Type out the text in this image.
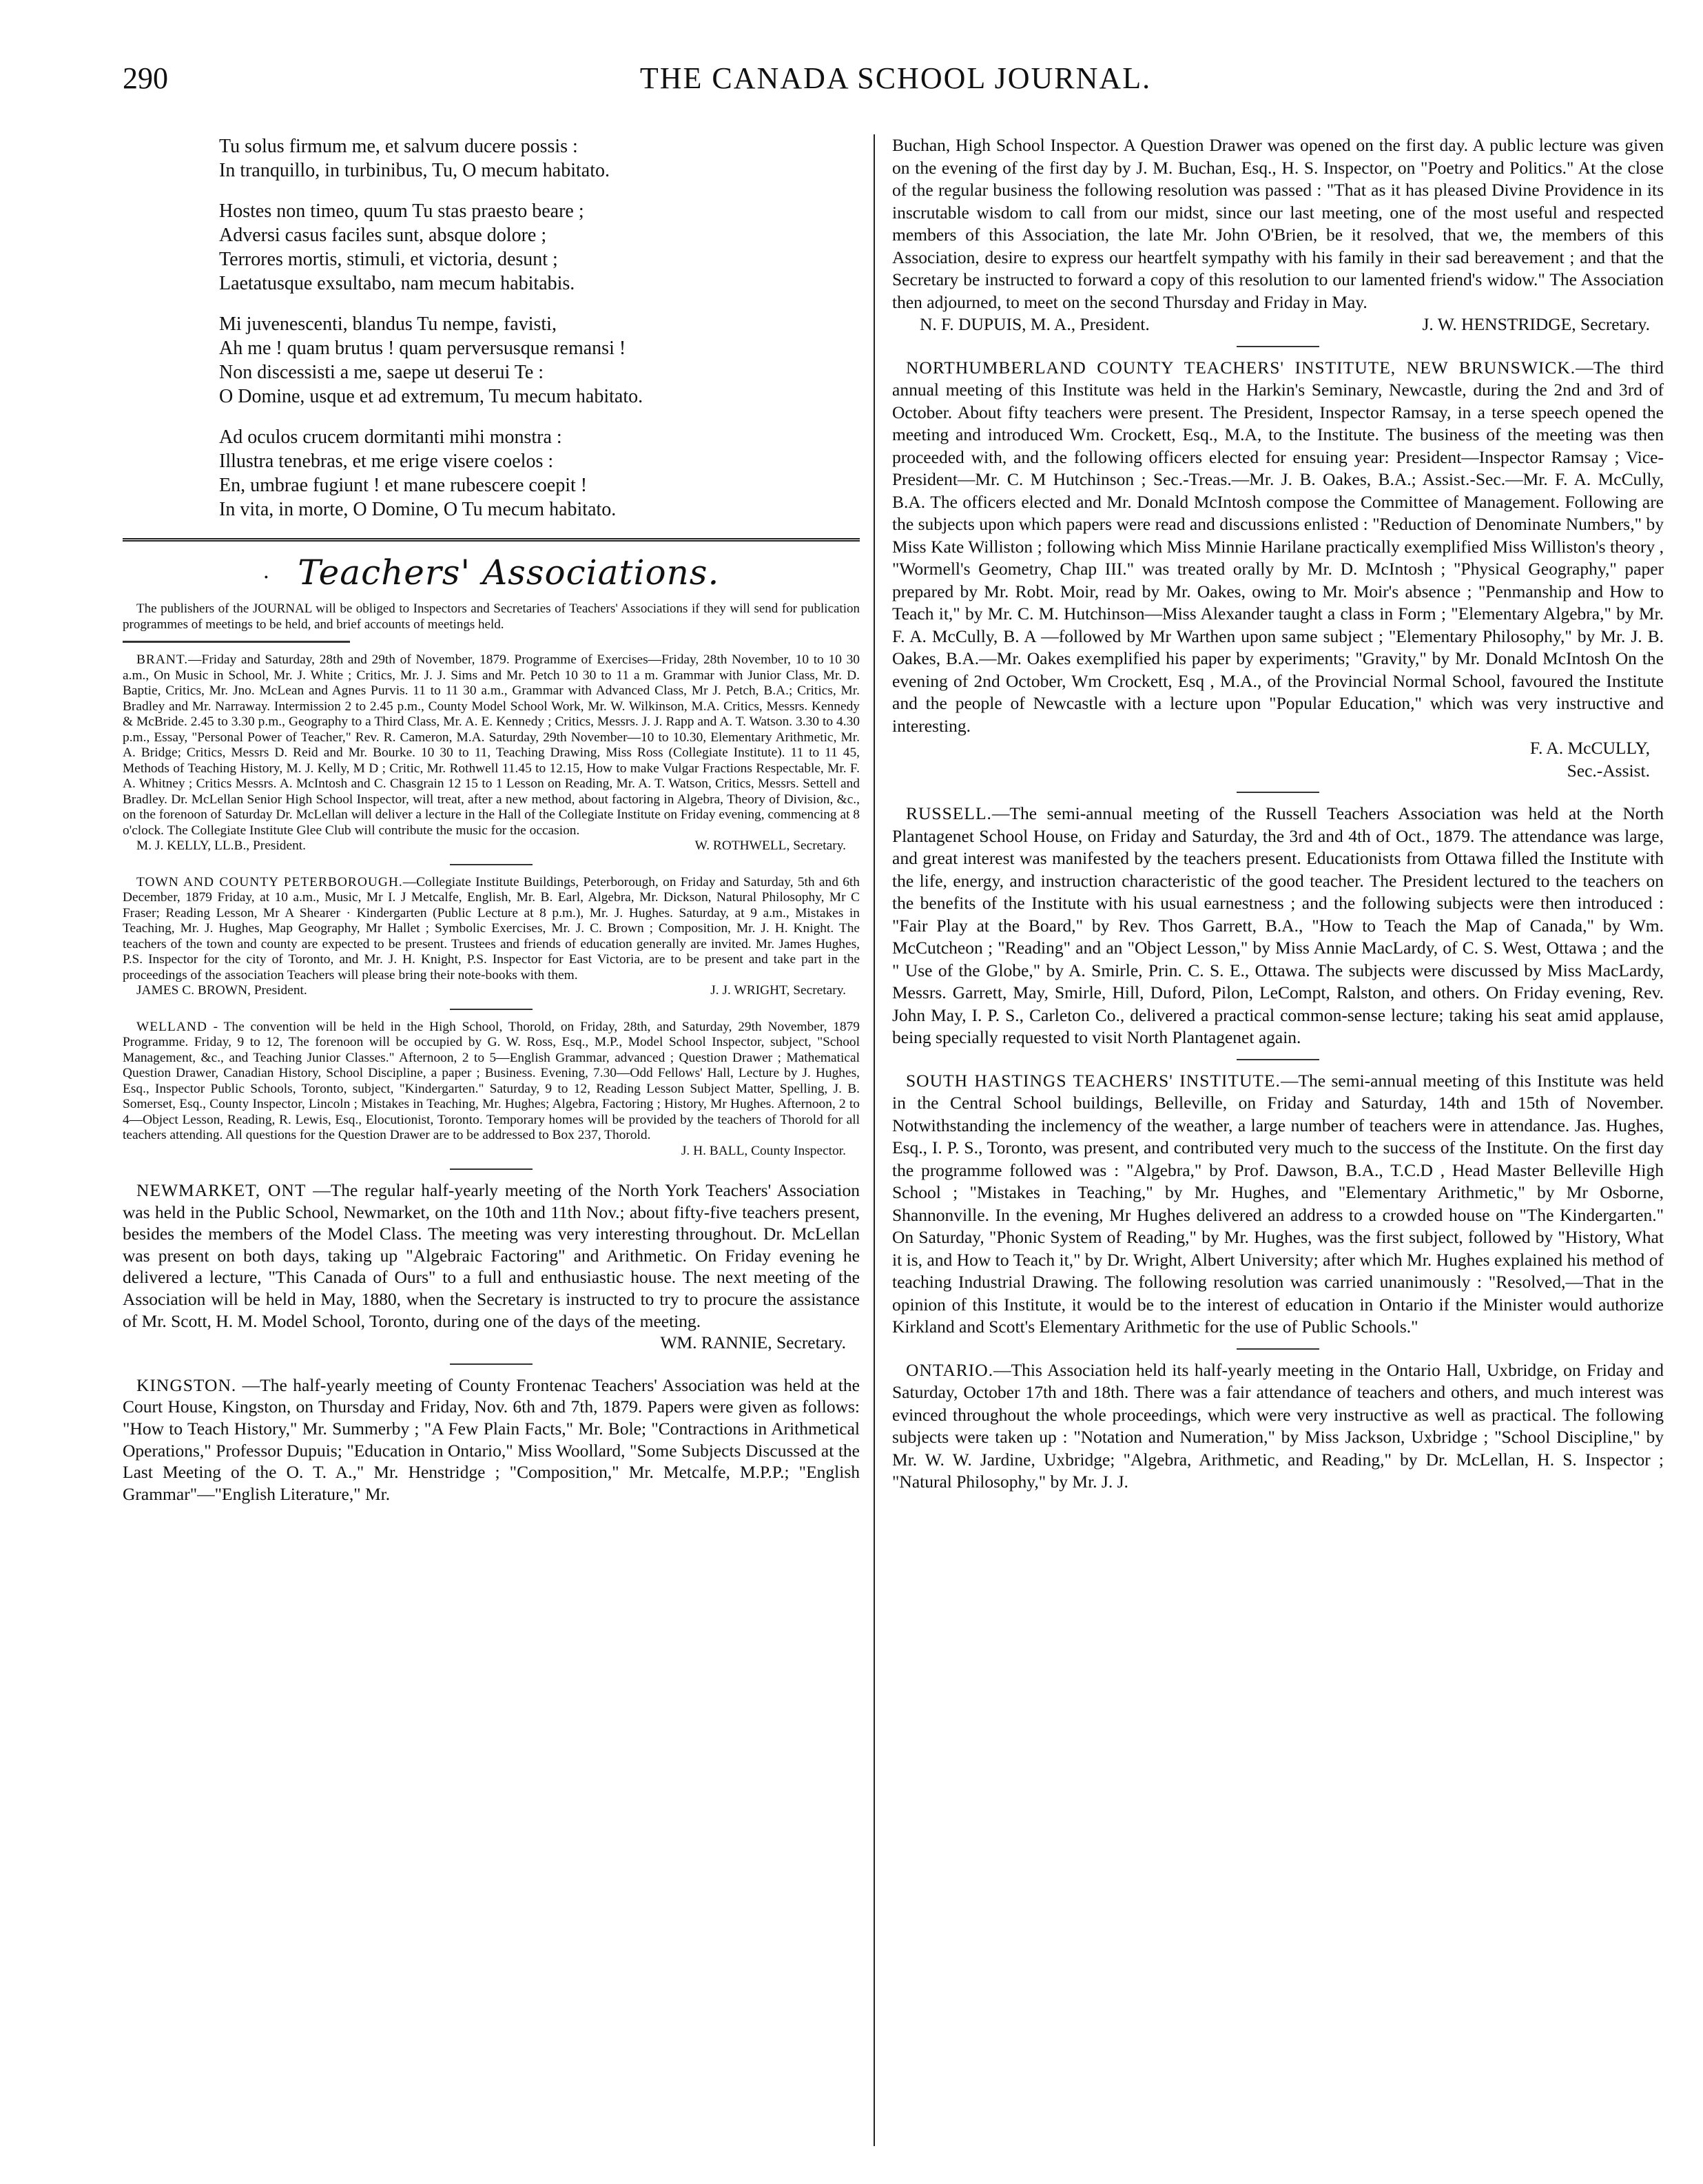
290	THE CANADA SCHOOL JOURNAL.
Tu solus firmum me, et salvum ducere possis :
In tranquillo, in turbinibus, Tu, O mecum habitato.
Hostes non timeo, quum Tu stas praesto beare ;
Adversi casus faciles sunt, absque dolore ;
Terrores mortis, stimuli, et victoria, desunt ;
Laetatusque exsultabo, nam mecum habitabis.
Mi juvenescenti, blandus Tu nempe, favisti,
Ah me ! quam brutus ! quam perversusque remansi !
Non discessisti a me, saepe ut deserui Te :
O Domine, usque et ad extremum, Tu mecum habitato.
Ad oculos crucem dormitanti mihi monstra :
Illustra tenebras, et me erige visere coelos :
En, umbrae fugiunt ! et mane rubescere coepit !
In vita, in morte, O Domine, O Tu mecum habitato.
· Teachers' Associations.

The publishers of the JOURNAL will be obliged to Inspectors and Secretaries of Teachers' Associations if they will send for publication programmes of meetings to be held, and brief accounts of meetings held.

BRANT.—Friday and Saturday, 28th and 29th of November, 1879. Programme of Exercises—Friday, 28th November, 10 to 10 30 a.m., On Music in School, Mr. J. White ; Critics, Mr. J. J. Sims and Mr. Petch 10 30 to 11 a m. Grammar with Junior Class, Mr. D. Baptie, Critics, Mr. Jno. McLean and Agnes Purvis. 11 to 11 30 a.m., Grammar with Advanced Class, Mr J. Petch, B.A.; Critics, Mr. Bradley and Mr. Narraway. Intermission 2 to 2.45 p.m., County Model School Work, Mr. W. Wilkinson, M.A. Critics, Messrs. Kennedy & McBride. 2.45 to 3.30 p.m., Geography to a Third Class, Mr. A. E. Kennedy ; Critics, Messrs. J. J. Rapp and A. T. Watson. 3.30 to 4.30 p.m., Essay, "Personal Power of Teacher," Rev. R. Cameron, M.A. Saturday, 29th November—10 to 10.30, Elementary Arithmetic, Mr. A. Bridge; Critics, Messrs D. Reid and Mr. Bourke. 10 30 to 11, Teaching Drawing, Miss Ross (Collegiate Institute). 11 to 11 45, Methods of Teaching History, M. J. Kelly, M D ; Critic, Mr. Rothwell 11.45 to 12.15, How to make Vulgar Fractions Respectable, Mr. F. A. Whitney ; Critics Messrs. A. McIntosh and C. Chasgrain 12 15 to 1 Lesson on Reading, Mr. A. T. Watson, Critics, Messrs. Settell and Bradley. Dr. McLellan Senior High School Inspector, will treat, after a new method, about factoring in Algebra, Theory of Division, &c., on the forenoon of Saturday Dr. McLellan will deliver a lecture in the Hall of the Collegiate Institute on Friday evening, commencing at 8 o'clock. The Collegiate Institute Glee Club will contribute the music for the occasion.

M. J. KELLY, LL.B., President.	W. ROTHWELL, Secretary.

TOWN AND COUNTY PETERBOROUGH.—Collegiate Institute Buildings, Peterborough, on Friday and Saturday, 5th and 6th December, 1879 Friday, at 10 a.m., Music, Mr I. J Metcalfe, English, Mr. B. Earl, Algebra, Mr. Dickson, Natural Philosophy, Mr C Fraser; Reading Lesson, Mr A Shearer · Kindergarten (Public Lecture at 8 p.m.), Mr. J. Hughes. Saturday, at 9 a.m., Mistakes in Teaching, Mr. J. Hughes, Map Geography, Mr Hallet ; Symbolic Exercises, Mr. J. C. Brown ; Composition, Mr. J. H. Knight. The teachers of the town and county are expected to be present. Trustees and friends of education generally are invited. Mr. James Hughes, P.S. Inspector for the city of Toronto, and Mr. J. H. Knight, P.S. Inspector for East Victoria, are to be present and take part in the proceedings of the association Teachers will please bring their note-books with them.

JAMES C. BROWN, President.	J. J. WRIGHT, Secretary.

WELLAND - The convention will be held in the High School, Thorold, on Friday, 28th, and Saturday, 29th November, 1879 Programme. Friday, 9 to 12, The forenoon will be occupied by G. W. Ross, Esq., M.P., Model School Inspector, subject, "School Management, &c., and Teaching Junior Classes." Afternoon, 2 to 5—English Grammar, advanced ; Question Drawer ; Mathematical Question Drawer, Canadian History, School Discipline, a paper ; Business. Evening, 7.30—Odd Fellows' Hall, Lecture by J. Hughes, Esq., Inspector Public Schools, Toronto, subject, "Kindergarten." Saturday, 9 to 12, Reading Lesson Subject Matter, Spelling, J. B. Somerset, Esq., County Inspector, Lincoln ; Mistakes in Teaching, Mr. Hughes; Algebra, Factoring ; History, Mr Hughes. Afternoon, 2 to 4—Object Lesson, Reading, R. Lewis, Esq., Elocutionist, Toronto. Temporary homes will be provided by the teachers of Thorold for all teachers attending. All questions for the Question Drawer are to be addressed to Box 237, Thorold.

J. H. BALL, County Inspector.

NEWMARKET, ONT —The regular half-yearly meeting of the North York Teachers' Association was held in the Public School, Newmarket, on the 10th and 11th Nov.; about fifty-five teachers present, besides the members of the Model Class. The meeting was very interesting throughout. Dr. McLellan was present on both days, taking up "Algebraic Factoring" and Arithmetic. On Friday evening he delivered a lecture, "This Canada of Ours" to a full and enthusiastic house. The next meeting of the Association will be held in May, 1880, when the Secretary is instructed to try to procure the assistance of Mr. Scott, H. M. Model School, Toronto, during one of the days of the meeting.

WM. RANNIE, Secretary.

KINGSTON. —The half-yearly meeting of County Frontenac Teachers' Association was held at the Court House, Kingston, on Thursday and Friday, Nov. 6th and 7th, 1879. Papers were given as follows: "How to Teach History," Mr. Summerby ; "A Few Plain Facts," Mr. Bole; "Contractions in Arithmetical Operations," Professor Dupuis; "Education in Ontario," Miss Woollard, "Some Subjects Discussed at the Last Meeting of the O. T. A.," Mr. Henstridge ; "Composition," Mr. Metcalfe, M.P.P.; "English Grammar"—"English Literature," Mr.

Buchan, High School Inspector. A Question Drawer was opened on the first day. A public lecture was given on the evening of the first day by J. M. Buchan, Esq., H. S. Inspector, on "Poetry and Politics." At the close of the regular business the following resolution was passed : "That as it has pleased Divine Providence in its inscrutable wisdom to call from our midst, since our last meeting, one of the most useful and respected members of this Association, the late Mr. John O'Brien, be it resolved, that we, the members of this Association, desire to express our heartfelt sympathy with his family in their sad bereavement ; and that the Secretary be instructed to forward a copy of this resolution to our lamented friend's widow." The Association then adjourned, to meet on the second Thursday and Friday in May.

N. F. DUPUIS, M. A., President.	J. W. HENSTRIDGE, Secretary.

NORTHUMBERLAND COUNTY TEACHERS' INSTITUTE, NEW BRUNSWICK.—The third annual meeting of this Institute was held in the Harkin's Seminary, Newcastle, during the 2nd and 3rd of October. About fifty teachers were present. The President, Inspector Ramsay, in a terse speech opened the meeting and introduced Wm. Crockett, Esq., M.A, to the Institute. The business of the meeting was then proceeded with, and the following officers elected for ensuing year: President—Inspector Ramsay ; Vice-President—Mr. C. M Hutchinson ; Sec.-Treas.—Mr. J. B. Oakes, B.A.; Assist.-Sec.—Mr. F. A. McCully, B.A. The officers elected and Mr. Donald McIntosh compose the Committee of Management. Following are the subjects upon which papers were read and discussions enlisted : "Reduction of Denominate Numbers," by Miss Kate Williston ; following which Miss Minnie Harilane practically exemplified Miss Williston's theory , "Wormell's Geometry, Chap III." was treated orally by Mr. D. McIntosh ; "Physical Geography," paper prepared by Mr. Robt. Moir, read by Mr. Oakes, owing to Mr. Moir's absence ; "Penmanship and How to Teach it," by Mr. C. M. Hutchinson—Miss Alexander taught a class in Form ; "Elementary Algebra," by Mr. F. A. McCully, B. A —followed by Mr Warthen upon same subject ; "Elementary Philosophy," by Mr. J. B. Oakes, B.A.—Mr. Oakes exemplified his paper by experiments; "Gravity," by Mr. Donald McIntosh On the evening of 2nd October, Wm Crockett, Esq , M.A., of the Provincial Normal School, favoured the Institute and the people of Newcastle with a lecture upon "Popular Education," which was very instructive and interesting.

F. A. McCULLY,
Sec.-Assist.

RUSSELL.—The semi-annual meeting of the Russell Teachers Association was held at the North Plantagenet School House, on Friday and Saturday, the 3rd and 4th of Oct., 1879. The attendance was large, and great interest was manifested by the teachers present. Educationists from Ottawa filled the Institute with the life, energy, and instruction characteristic of the good teacher. The President lectured to the teachers on the benefits of the Institute with his usual earnestness ; and the following subjects were then introduced : "Fair Play at the Board," by Rev. Thos Garrett, B.A., "How to Teach the Map of Canada," by Wm. McCutcheon ; "Reading" and an "Object Lesson," by Miss Annie MacLardy, of C. S. West, Ottawa ; and the " Use of the Globe," by A. Smirle, Prin. C. S. E., Ottawa. The subjects were discussed by Miss MacLardy, Messrs. Garrett, May, Smirle, Hill, Duford, Pilon, LeCompt, Ralston, and others. On Friday evening, Rev. John May, I. P. S., Carleton Co., delivered a practical common-sense lecture; taking his seat amid applause, being specially requested to visit North Plantagenet again.

SOUTH HASTINGS TEACHERS' INSTITUTE.—The semi-annual meeting of this Institute was held in the Central School buildings, Belleville, on Friday and Saturday, 14th and 15th of November. Notwithstanding the inclemency of the weather, a large number of teachers were in attendance. Jas. Hughes, Esq., I. P. S., Toronto, was present, and contributed very much to the success of the Institute. On the first day the programme followed was : "Algebra," by Prof. Dawson, B.A., T.C.D , Head Master Belleville High School ; "Mistakes in Teaching," by Mr. Hughes, and "Elementary Arithmetic," by Mr Osborne, Shannonville. In the evening, Mr Hughes delivered an address to a crowded house on "The Kindergarten." On Saturday, "Phonic System of Reading," by Mr. Hughes, was the first subject, followed by "History, What it is, and How to Teach it," by Dr. Wright, Albert University; after which Mr. Hughes explained his method of teaching Industrial Drawing. The following resolution was carried unanimously : "Resolved,—That in the opinion of this Institute, it would be to the interest of education in Ontario if the Minister would authorize Kirkland and Scott's Elementary Arithmetic for the use of Public Schools."

ONTARIO.—This Association held its half-yearly meeting in the Ontario Hall, Uxbridge, on Friday and Saturday, October 17th and 18th. There was a fair attendance of teachers and others, and much interest was evinced throughout the whole proceedings, which were very instructive as well as practical. The following subjects were taken up : "Notation and Numeration," by Miss Jackson, Uxbridge ; "School Discipline," by Mr. W. W. Jardine, Uxbridge; "Algebra, Arithmetic, and Reading," by Dr. McLellan, H. S. Inspector ; "Natural Philosophy," by Mr. J. J.
